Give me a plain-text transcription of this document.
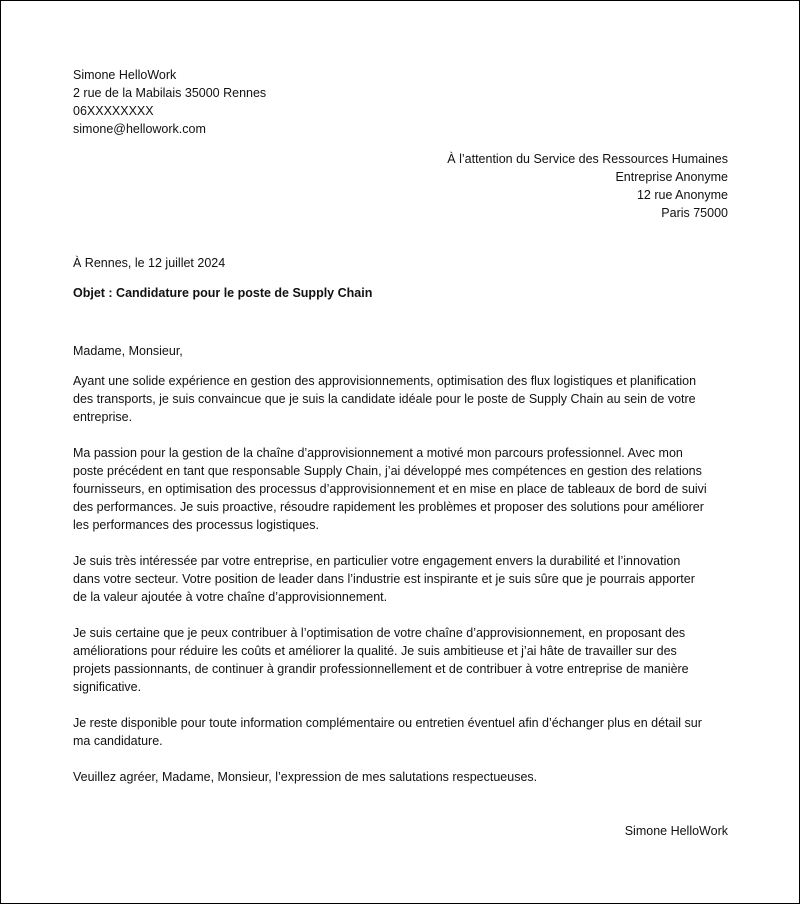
Simone HelloWork
2 rue de la Mabilais 35000 Rennes
06XXXXXXXX
simone@hellowork.com
À l’attention du Service des Ressources Humaines
Entreprise Anonyme
12 rue Anonyme
Paris 75000
À Rennes, le 12 juillet 2024
Objet : Candidature pour le poste de Supply Chain
Madame, Monsieur,
Ayant une solide expérience en gestion des approvisionnements, optimisation des flux logistiques et planification
des transports, je suis convaincue que je suis la candidate idéale pour le poste de Supply Chain au sein de votre
entreprise.
Ma passion pour la gestion de la chaîne d’approvisionnement a motivé mon parcours professionnel. Avec mon
poste précédent en tant que responsable Supply Chain, j’ai développé mes compétences en gestion des relations
fournisseurs, en optimisation des processus d’approvisionnement et en mise en place de tableaux de bord de suivi
des performances. Je suis proactive, résoudre rapidement les problèmes et proposer des solutions pour améliorer
les performances des processus logistiques.
Je suis très intéressée par votre entreprise, en particulier votre engagement envers la durabilité et l’innovation
dans votre secteur. Votre position de leader dans l’industrie est inspirante et je suis sûre que je pourrais apporter
de la valeur ajoutée à votre chaîne d’approvisionnement.
Je suis certaine que je peux contribuer à l’optimisation de votre chaîne d’approvisionnement, en proposant des
améliorations pour réduire les coûts et améliorer la qualité. Je suis ambitieuse et j’ai hâte de travailler sur des
projets passionnants, de continuer à grandir professionnellement et de contribuer à votre entreprise de manière
significative.
Je reste disponible pour toute information complémentaire ou entretien éventuel afin d’échanger plus en détail sur
ma candidature.
Veuillez agréer, Madame, Monsieur, l’expression de mes salutations respectueuses.
Simone HelloWork
